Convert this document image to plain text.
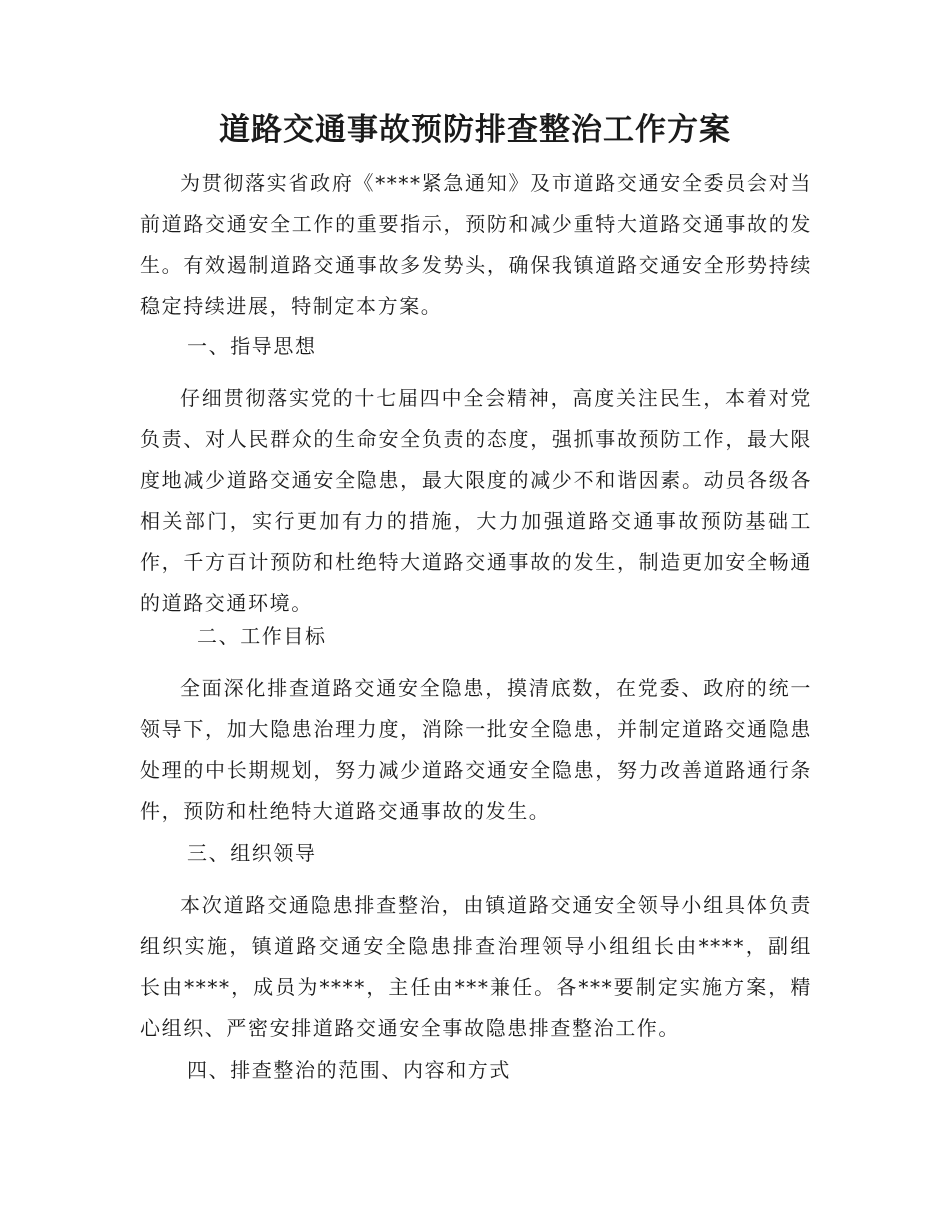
道路交通事故预防排查整治工作方案

为贯彻落实省政府《****紧急通知》及市道路交通安全委员会对当前道路交通安全工作的重要指示，预防和减少重特大道路交通事故的发生。有效遏制道路交通事故多发势头，确保我镇道路交通安全形势持续稳定持续进展，特制定本方案。

一、指导思想

仔细贯彻落实党的十七届四中全会精神，高度关注民生，本着对党负责、对人民群众的生命安全负责的态度，强抓事故预防工作，最大限度地减少道路交通安全隐患，最大限度的减少不和谐因素。动员各级各相关部门，实行更加有力的措施，大力加强道路交通事故预防基础工作，千方百计预防和杜绝特大道路交通事故的发生，制造更加安全畅通的道路交通环境。

二、工作目标

全面深化排查道路交通安全隐患，摸清底数，在党委、政府的统一领导下，加大隐患治理力度，消除一批安全隐患，并制定道路交通隐患处理的中长期规划，努力减少道路交通安全隐患，努力改善道路通行条件，预防和杜绝特大道路交通事故的发生。

三、组织领导

本次道路交通隐患排查整治，由镇道路交通安全领导小组具体负责组织实施，镇道路交通安全隐患排查治理领导小组组长由****，副组长由****，成员为****，主任由***兼任。各***要制定实施方案，精心组织、严密安排道路交通安全事故隐患排查整治工作。

四、排查整治的范围、内容和方式
